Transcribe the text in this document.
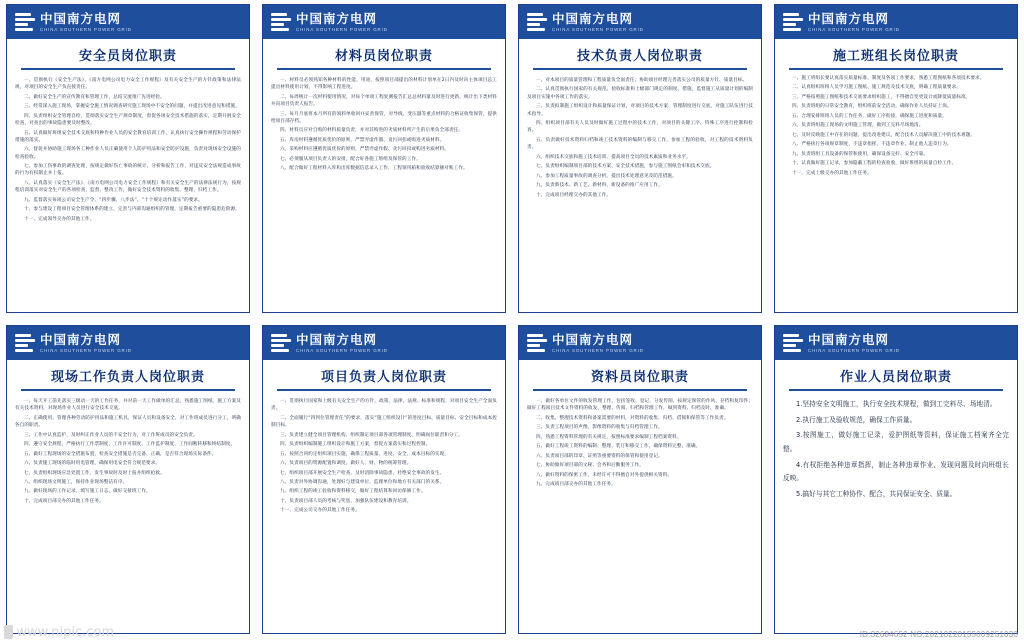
中国南方电网
CHINA SOUTHERN POWER GRID
安全员岗位职责

一、贯彻执行《安全生产法》、《南方电网公司电力安全工作规程》及有关安全生产的方针政策和法律法规，对项目的安全生产负直接责任。

二、做好安全生产的宣传教育和管理工作，总结交流推广先进经验。

三、经常深入施工现场，掌握安全施工情况调查研究施工现场中不安全的问题，并提出改进意见和措施。

四、负责组织安全管理自检，贯彻落实安全生产规章制度，督促各项安全技术措施的落实，定期开展安全检查，对查出的事故隐患要及时整改。

五、认真做好班组安全技术交底和特种作业人员的安全教育培训工作，认真执行安全操作规程和劳动保护措施的落实。

六、督促并协助施工现场各工种作业人员正确使用个人防护用品和安全防护设施，负责对现场安全设施的检查验收。

七、参加工伤事故的调查处理，按规定做好伤亡事故的统计、分析和报告工作，对违反安全法规造成事故的行为有权制止并上报。

八、认真落实《安全生产法》、《南方电网公司电力安全工作规程》和有关安全生产的法律法规行为，按规程培训落实对安全生产的各项检查、监督、整改工作，做好安全技术资料的收集、整理、归档工作。

九、监督落实每项公司安全生产令、“四步骤、八步法”、“十个规定动作落实”的要求。

十、参与建设工程项目安全管理体系的建立、完善与内部沟通组织的管理，定期报告重要的隐患危险源。

十一、完成领导交办的其他工作。

中国南方电网
CHINA SOUTHERN POWER GRID
材料员岗位职责

一、材料员必须熟知各种材料的性能、用途、按照项目部提出的材料计划单在2日内及时向主体项目总工提出材料使用计划，不得影响工程进度。

二、每周统计一次材料使用情况，对每个单项工程复测报告汇总总材料量及时进行更新，统计出下类材料并向项目负责人报告。

三、每月月底将本月所有的领料单收回并妥善保管，对导线、变压器等重点材料的合格证收集保管，提供给项目部存档。

四、材料员应对自购的材料质量负责，并对其购进的劣质材料所产生的后果负全部责任。

五、库房材料遵循优质优价的原则，严禁弄虚作假、贪污回扣或购进劣质材料。

六、采购材料应遵循优质优价的原则，严禁弄虚作假、贪污回扣或购进劣质材料。

七、必须服从项目负责人的安排，配合好各施工班组及保管的工作。

八、配合做好工程材料入库和出库数据信息录入工作，工程领用箱和验收结算额对账工作。

中国南方电网
CHINA SOUTHERN POWER GRID
技术负责人岗位职责

一、对本项目的质量管理和工程质量负全面责任；协助项目经理完善落实公司的质量方针、质量目标。

二、认真贯彻执行国家的有关规范、验收标准和上级部门规定的制度、措施，监督施工从质量计划的编制及项目实施中各项工作的落实。

三、负责拟制施工组织设计和质量保证计划，对项目的技术方案、管理制度进行交底，对施工队伍进行技术指导。

四、组织项目部有关人员及时做好施工过程中的技术工作，对项目的关键工序、特殊工序进行控制和检查。

五、负责做好技术资料归档和竣工技术资料的编制与移交工作，参加工程的验收，对工程的技术资料负责。

六、组织技术交底和施工技术培训，提高项目全员的技术素质和业务水平。

七、负责组织编制项目部的技术方案、安全技术措施，参与施工图纸会审和技术交底。

八、参加工程质量事故的调查分析，提出技术处理意见及防范措施。

九、负责新技术、新工艺、新材料、新设备的推广应用工作。

十、完成项目经理交办的其他工作。

中国南方电网
CHINA SOUTHERN POWER GRID
施工班组长岗位职责

一、施工班组长要认真落实质量标准、制度及各项工作要求，熟悉工程图纸和各项技术要求。

二、认真组织班组人员学习施工图纸、施工规范及技术交底，明确工程质量要求。

三、严格按照施工图纸和技术交底要求组织施工，不得擅自变更设计或降低质量标准。

四、负责班组的日常安全教育，组织班前安全活动，确保作业人员持证上岗。

五、合理安排班组人员的工作任务，做好工序衔接，确保施工进度和质量。

六、负责班组施工现场的文明施工管理，做到工完料尽场地清。

七、及时反映施工中存在的问题，提出改进建议，配合技术人员解决施工中的技术难题。

八、严格执行各项规章制度，不违章指挥，不违章作业，制止他人违章行为。

九、负责班组工具设备的保管和使用，确保设备完好、安全可靠。

十、认真做好施工记录，参加隐蔽工程的检查验收，做好班组的质量自检工作。

十一、完成上级交办的其他工作任务。

中国南方电网
CHINA SOUTHERN POWER GRID
现场工作负责人岗位职责

一、每天开工前先落实三级动一天的工作任务，并对前一天工作做单的汇总，熟悉施工图纸、施工方案及有关技术资料，对现场作业人员进行安全技术交底。

二、正确使用、管理各种劳动防护用品和施工机具，保证人员和设备安全，对工作班成员进行分工，明确各自的职责。

三、工作中认真监护，及时纠正作业人员的不安全行为，对工作班成员的安全负责。

四、遵守安全规程，严格执行工作票制度、工作许可制度、工作监护制度、工作间断转移和终结制度。

五、做好工程现场的安全措施布置，检查安全措施是否完备、正确，是否符合现场实际条件。

六、负责施工现场的临时用电管理，确保用电安全符合规范要求。

七、负责组织现场应急处置工作，发生事故时及时上报并组织抢救。

八、组织现场文明施工，保持作业现场整洁有序。

九、做好现场的工作记录，填写施工日志，做好交接班工作。

十、完成项目部交办的其他工作任务。

中国南方电网
CHINA SOUTHERN POWER GRID
项目负责人岗位职责

一、贯彻执行国家和上级有关安全生产的方针、政策、法律、法规、标准和规程，对项目安全生产全面负责。

二、全面履行“四到位管理责任”的要求，落实“施工组织设计”的进度目标、质量目标、安全目标和成本控制目标。

三、负责建立健全项目管理机构，组织制定项目部各项管理制度，明确岗位职责和分工。

四、负责组织编制施工组织设计和施工方案，督促方案落实和过程控制。

五、按照合同约定组织项目实施，确保工程质量、进度、安全、成本目标的实现。

六、负责项目的资源配置和调度，做好人、财、物的统筹管理。

七、组织项目部开展安全生产检查，及时消除事故隐患，杜绝安全事故的发生。

八、负责对外协调沟通，处理好与建设单位、监理单位和地方有关部门的关系。

九、组织工程的竣工验收和资料移交，做好工程结算和回访保修工作。

十、负责项目部人员的考核与奖惩，加强队伍建设和教育培训。

十一、完成公司交办的其他工作任务。

中国南方电网
CHINA SOUTHERN POWER GRID
资料员岗位职责

一、做好各单位文件的收发管理工作，包括签收、登记、分发传阅，按规定保管的作风、存档和复印件；做好工程项目技术文件资料的收发、整理、传阅、归档和管理工作，做到资料、归档及时、准确。

二、收集、整理技术资料和备案需要的材料，对资料的收集、归档、借阅和保管等工作负责。

三、负责工程项目的声像、影像资料的收集与归档管理工作。

四、熟悉工程资料管理的有关规定，按照标准要求编制工程档案资料。

五、做好工程竣工资料的编制、整理、装订和移交工作，确保资料完整、准确。

六、负责项目部的印章、证照等重要资料的保管和使用登记。

七、协助做好项目部的文秘、会务和后勤服务工作。

八、做好资料的保密工作，未经许可不得擅自对外提供相关资料。

九、完成项目部交办的其他工作任务。

中国南方电网
CHINA SOUTHERN POWER GRID
作业人员岗位职责

1.坚持安全文明施工，执行安全技术规程，做到工完料尽、场地清。

2.执行施工及验收规范，确保工作质量。

3.按图施工，做好施工记录，爱护图纸等资料，保证施工档案齐全完整。

4.有权拒绝各种违章指挥，制止各种违章作业，发现问题及时向班组长反映。

5.搞好与其它工种协作、配合，共同保证安全、质量。

www.nipic.com	ID:32684652 NO:20210220155009251030
